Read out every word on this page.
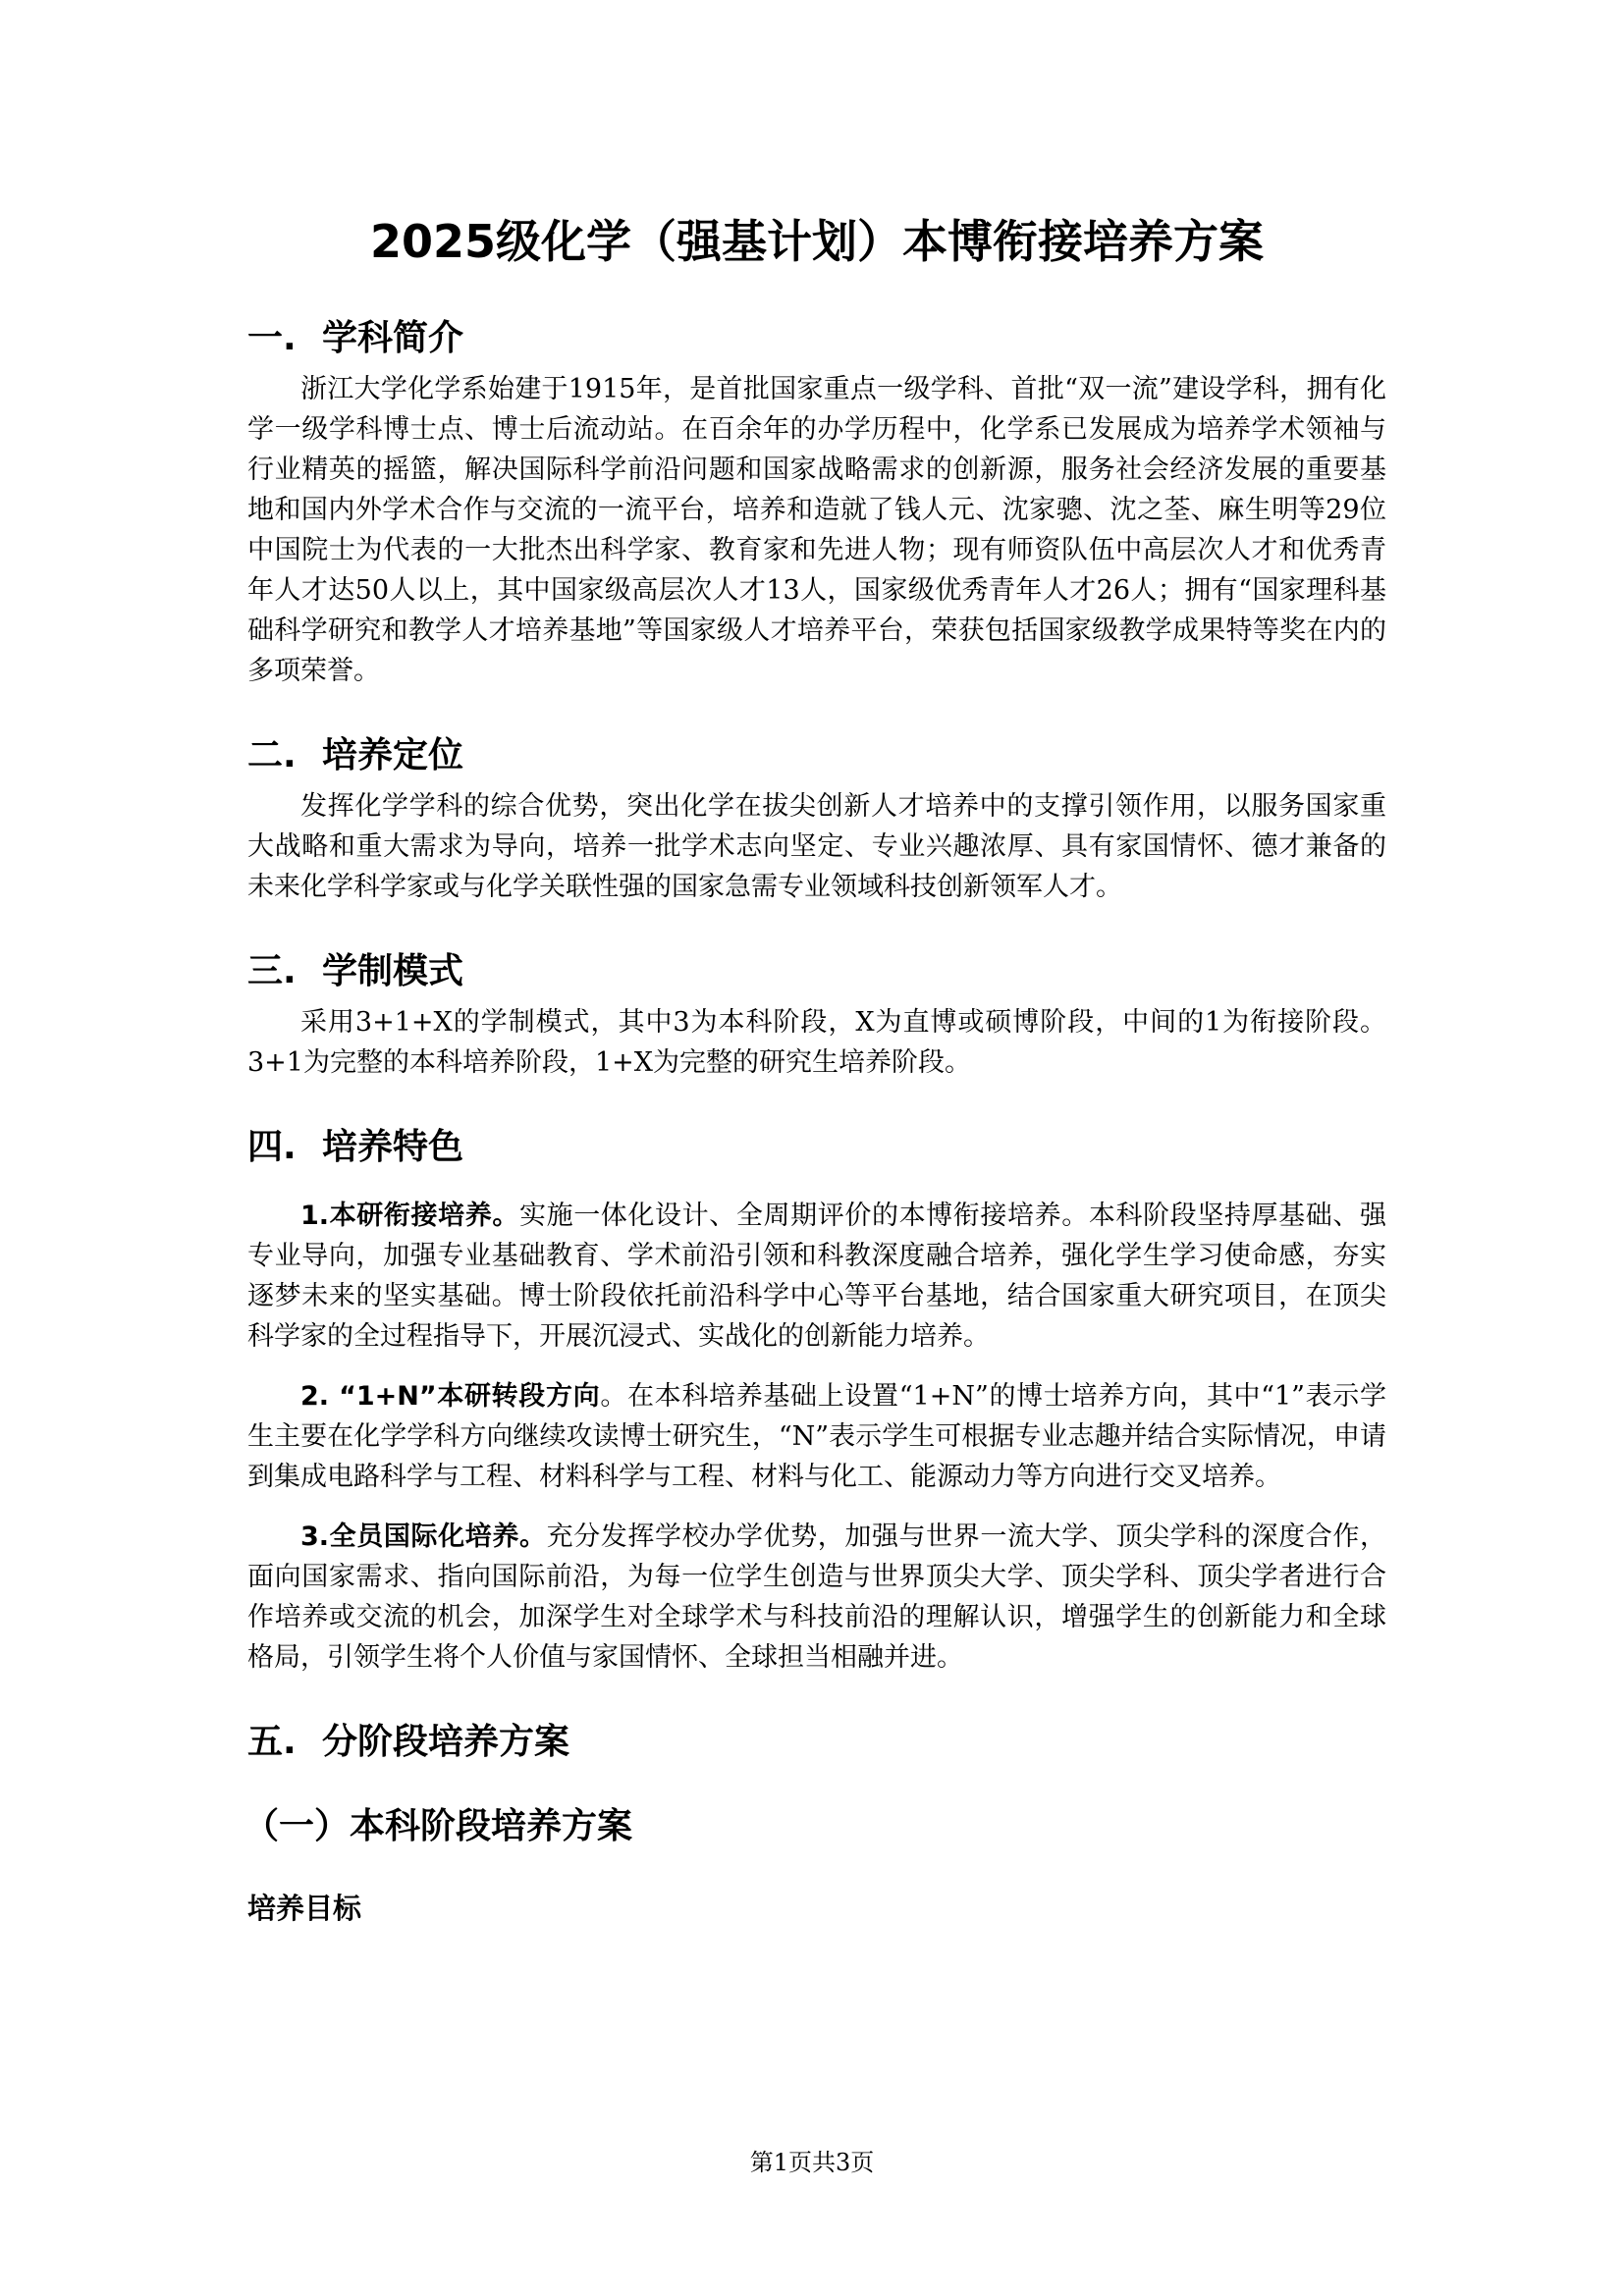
2025级化学（强基计划）本博衔接培养方案
一. 学科简介

浙江大学化学系始建于1915年，是首批国家重点一级学科、首批“双一流”建设学科，拥有化学一级学科博士点、博士后流动站。在百余年的办学历程中，化学系已发展成为培养学术领袖与行业精英的摇篮，解决国际科学前沿问题和国家战略需求的创新源，服务社会经济发展的重要基地和国内外学术合作与交流的一流平台，培养和造就了钱人元、沈家骢、沈之荃、麻生明等29位中国院士为代表的一大批杰出科学家、教育家和先进人物；现有师资队伍中高层次人才和优秀青年人才达50人以上，其中国家级高层次人才13人，国家级优秀青年人才26人；拥有“国家理科基础科学研究和教学人才培养基地”等国家级人才培养平台，荣获包括国家级教学成果特等奖在内的多项荣誉。

二. 培养定位

发挥化学学科的综合优势，突出化学在拔尖创新人才培养中的支撑引领作用，以服务国家重大战略和重大需求为导向，培养一批学术志向坚定、专业兴趣浓厚、具有家国情怀、德才兼备的未来化学科学家或与化学关联性强的国家急需专业领域科技创新领军人才。

三. 学制模式

采用3+1+X的学制模式，其中3为本科阶段，X为直博或硕博阶段，中间的1为衔接阶段。3+1为完整的本科培养阶段，1+X为完整的研究生培养阶段。

四. 培养特色

1.本研衔接培养。实施一体化设计、全周期评价的本博衔接培养。本科阶段坚持厚基础、强专业导向，加强专业基础教育、学术前沿引领和科教深度融合培养，强化学生学习使命感，夯实逐梦未来的坚实基础。博士阶段依托前沿科学中心等平台基地，结合国家重大研究项目，在顶尖科学家的全过程指导下，开展沉浸式、实战化的创新能力培养。

2. “1+N”本研转段方向。在本科培养基础上设置“1+N”的博士培养方向，其中“1”表示学生主要在化学学科方向继续攻读博士研究生，“N”表示学生可根据专业志趣并结合实际情况，申请到集成电路科学与工程、材料科学与工程、材料与化工、能源动力等方向进行交叉培养。

3.全员国际化培养。充分发挥学校办学优势，加强与世界一流大学、顶尖学科的深度合作，面向国家需求、指向国际前沿，为每一位学生创造与世界顶尖大学、顶尖学科、顶尖学者进行合作培养或交流的机会，加深学生对全球学术与科技前沿的理解认识，增强学生的创新能力和全球格局，引领学生将个人价值与家国情怀、全球担当相融并进。

五. 分阶段培养方案
（一）本科阶段培养方案
培养目标
第1页共3页
